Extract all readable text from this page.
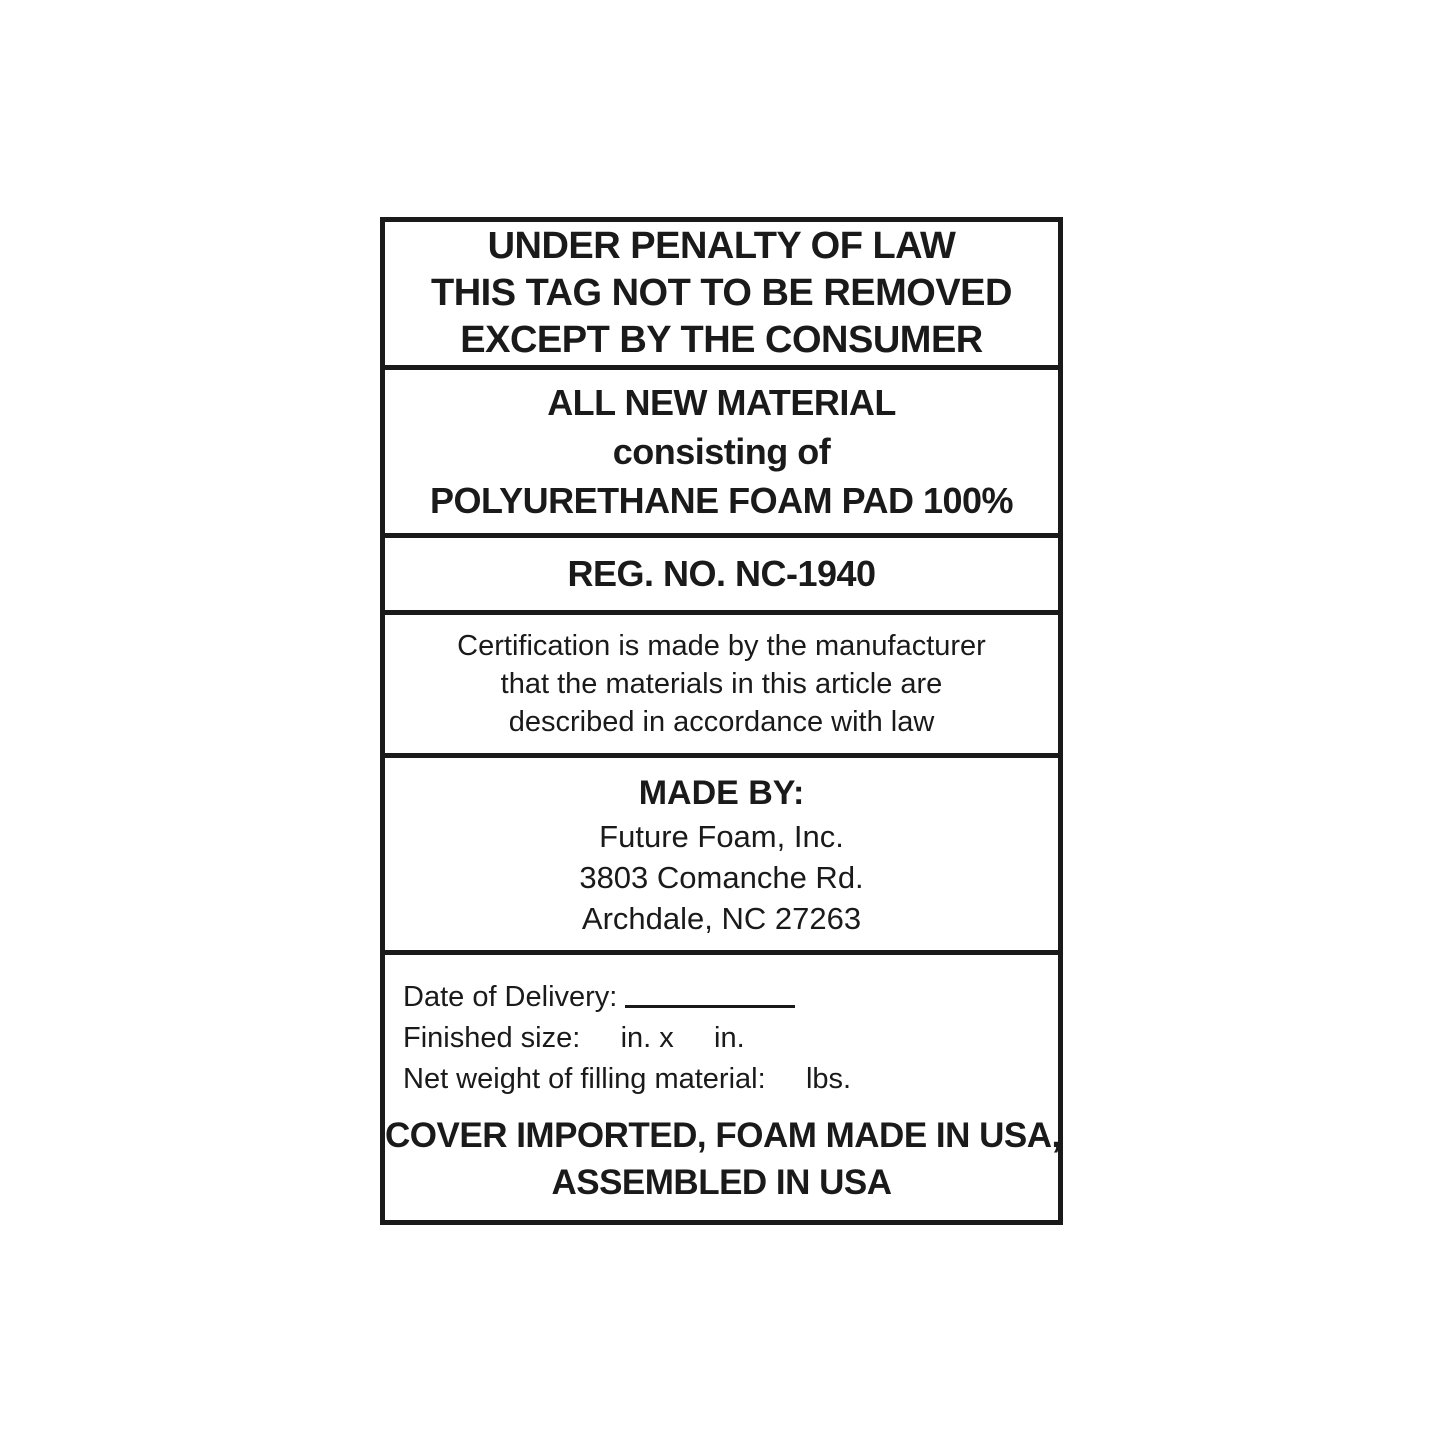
UNDER PENALTY OF LAW
THIS TAG NOT TO BE REMOVED
EXCEPT BY THE CONSUMER
ALL NEW MATERIAL
consisting of
POLYURETHANE FOAM PAD 100%
REG. NO. NC-1940
Certification is made by the manufacturer
that the materials in this article are
described in accordance with law
MADE BY:
Future Foam, Inc.
3803 Comanche Rd.
Archdale, NC 27263
Date of Delivery:
Finished size:     in. x     in.
Net weight of filling material:     lbs.
COVER IMPORTED, FOAM MADE IN USA,
ASSEMBLED IN USA
